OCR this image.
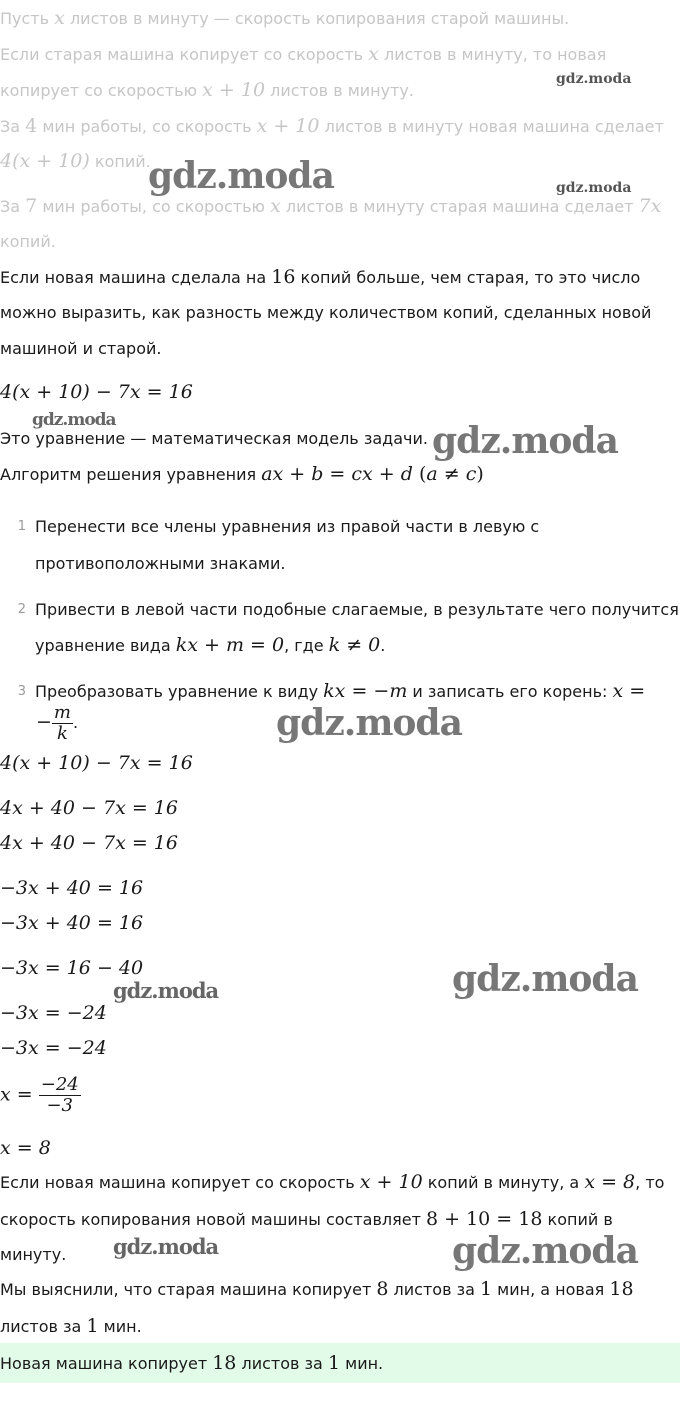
Пусть x листов в минуту — скорость копирования старой машины.
Если старая машина копирует со скорость x листов в минуту, то новая
копирует со скоростью x + 10 листов в минуту.
За 4 мин работы, со скорость x + 10 листов в минуту новая машина сделает
4(x + 10) копий.
За 7 мин работы, со скоростью x листов в минуту старая машина сделает 7x
копий.
Если новая машина сделала на 16 копий больше, чем старая, то это число
можно выразить, как разность между количеством копий, сделанных новой
машиной и старой.
4(x + 10) − 7x = 16
Это уравнение — математическая модель задачи.
Алгоритм решения уравнения ax + b = cx + d (a ≠ c)
1 Перенести все члены уравнения из правой части в левую с
противоположными знаками.
2 Привести в левой части подобные слагаемые, в результате чего получится
уравнение вида kx + m = 0, где k ≠ 0.
3 Преобразовать уравнение к виду kx = −m и записать его корень: x =
− $\frac{m}{k}$ .
4(x + 10) − 7x = 16
4x + 40 − 7x = 16
4x + 40 − 7x = 16
−3x + 40 = 16
−3x + 40 = 16
−3x = 16 − 40
−3x = −24
−3x = −24
$x = \frac{-24}{-3}$
x = 8
Если новая машина копирует со скорость x + 10 копий в минуту, а x = 8, то
скорость копирования новой машины составляет 8 + 10 = 18 копий в
минуту.
Мы выяснили, что старая машина копирует 8 листов за 1 мин, а новая 18
листов за 1 мин.
Новая машина копирует 18 листов за 1 мин.
gdz.moda
gdz.moda	gdz.moda
gdz.moda	gdz.moda
gdz.moda
gdz.moda
gdz.moda
gdz.moda	gdz.moda
